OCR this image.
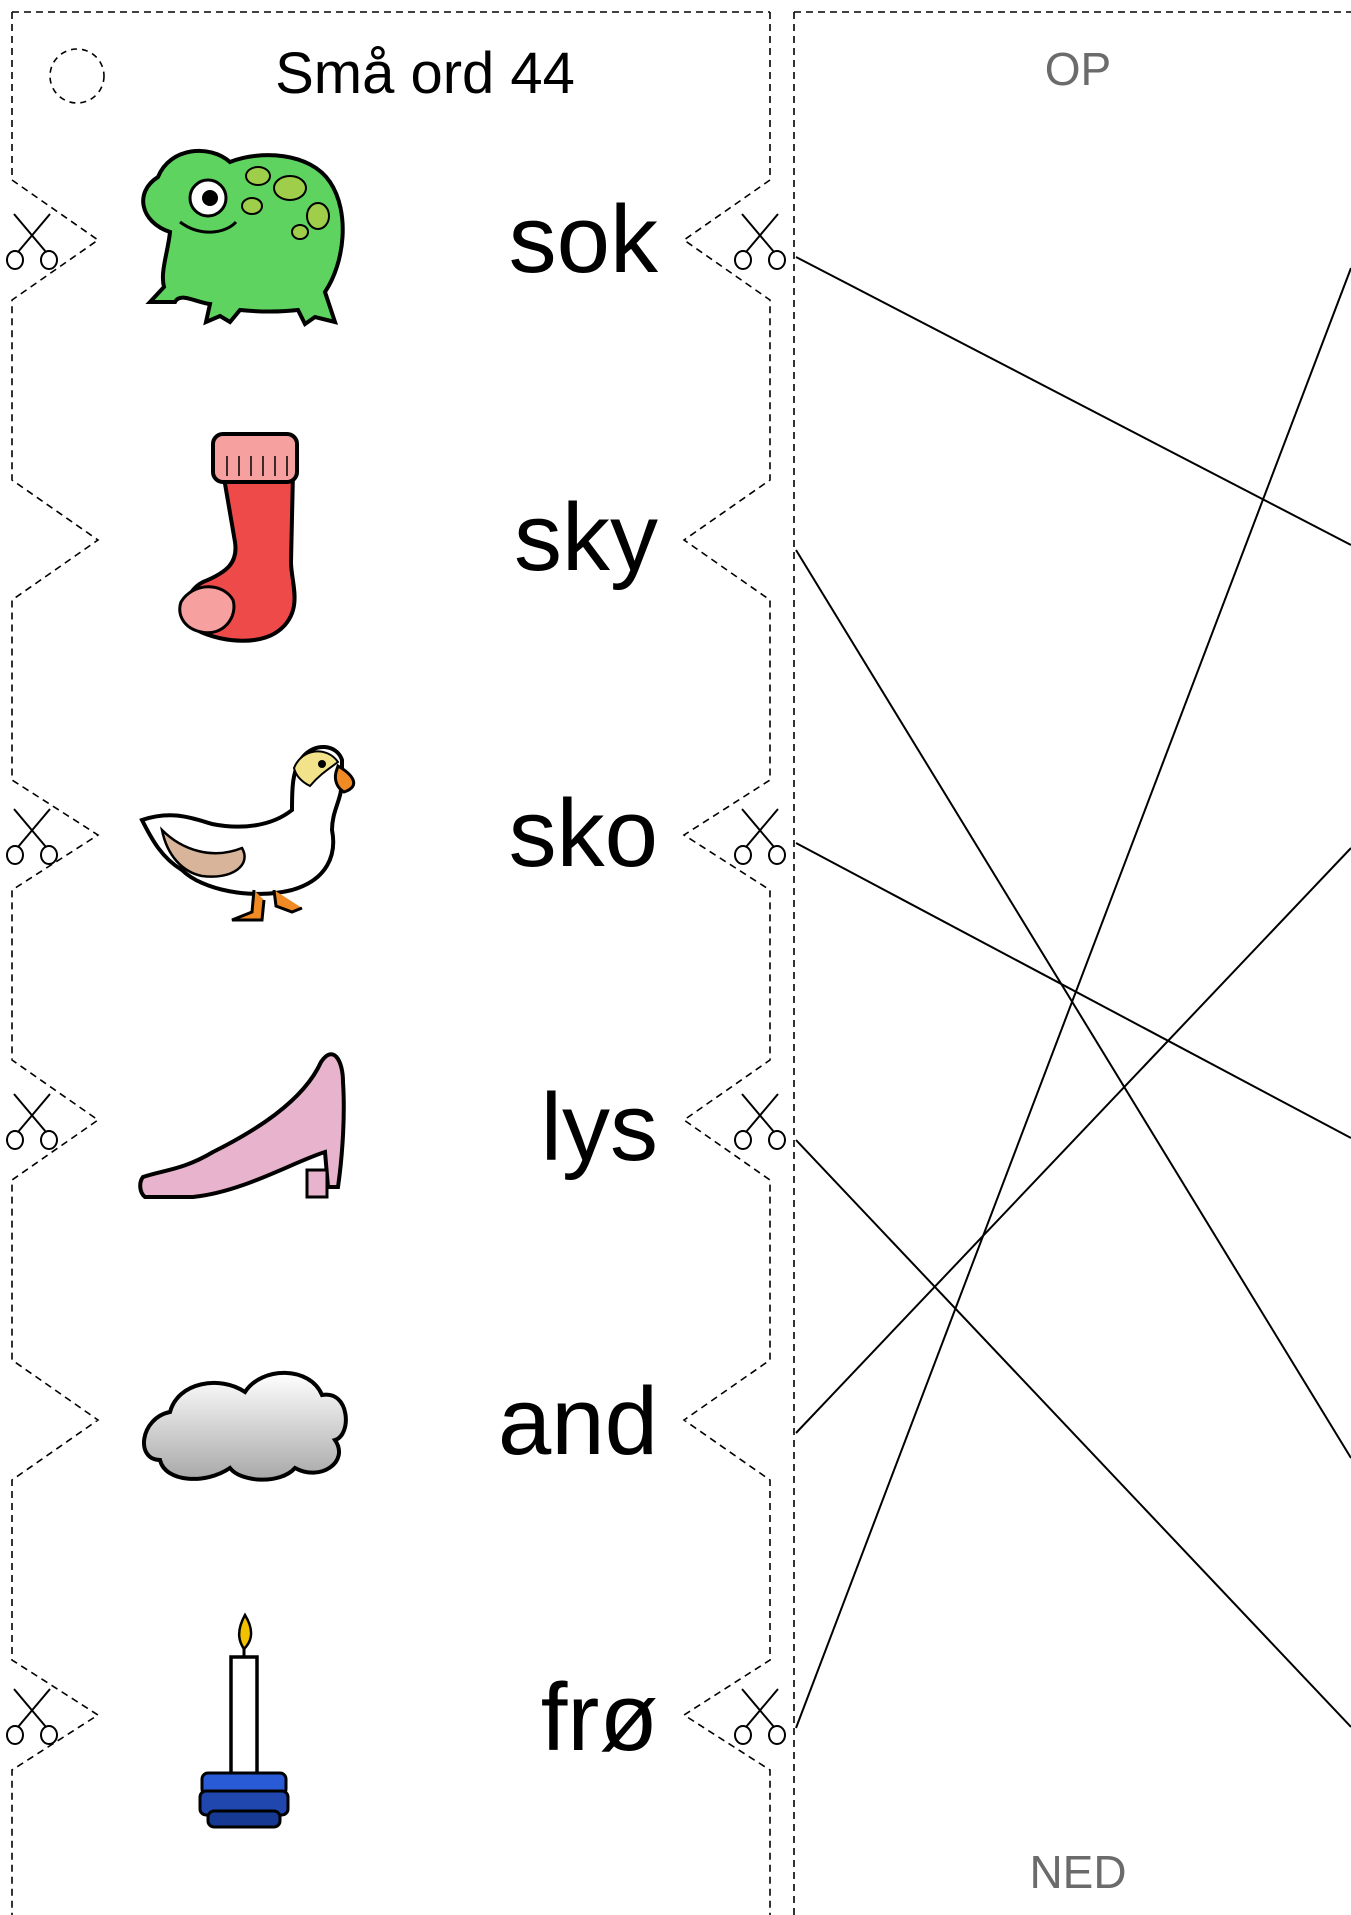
Små ord 44
sok
sky
sko
lys
and
frø
OP
NED
